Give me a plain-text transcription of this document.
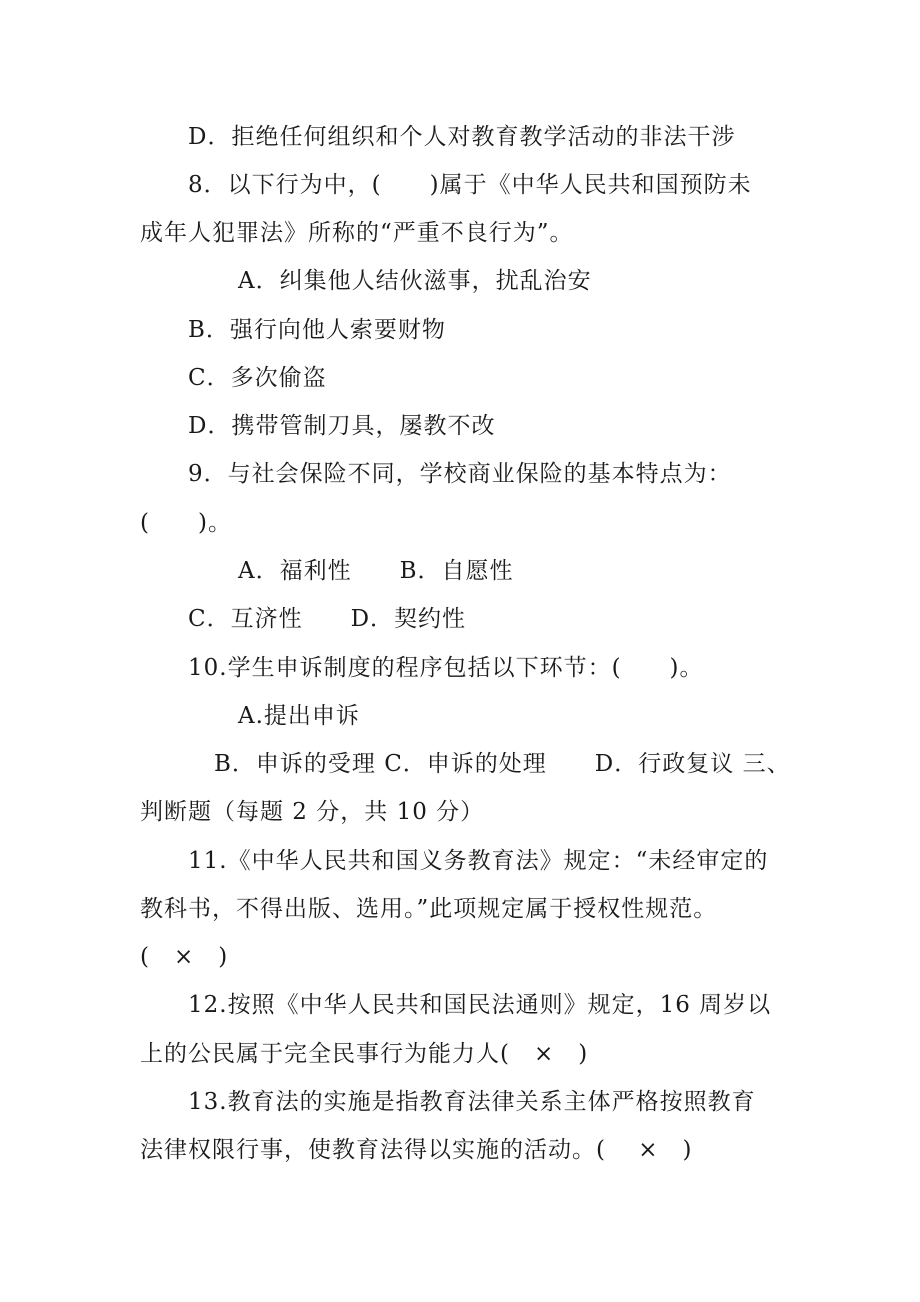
D．拒绝任何组织和个人对教育教学活动的非法干涉
8．以下行为中，(　　)属于《中华人民共和国预防未
成年人犯罪法》所称的“严重不良行为”。
A．纠集他人结伙滋事，扰乱治安
B．强行向他人索要财物
C．多次偷盗
D．携带管制刀具，屡教不改
9．与社会保险不同，学校商业保险的基本特点为：
(　　)。
A．福利性　　B．自愿性
C．互济性　　D．契约性
10.学生申诉制度的程序包括以下环节：(　　)。
A.提出申诉
B．申诉的受理 C．申诉的处理　　D．行政复议 三、
判断题（每题 2 分，共 10 分）
11.《中华人民共和国义务教育法》规定：“未经审定的
教科书，不得出版、选用。”此项规定属于授权性规范。
(　×　)
12.按照《中华人民共和国民法通则》规定，16 周岁以
上的公民属于完全民事行为能力人(　×　)
13.教育法的实施是指教育法律关系主体严格按照教育
法律权限行事，使教育法得以实施的活动。(　 ×　)
